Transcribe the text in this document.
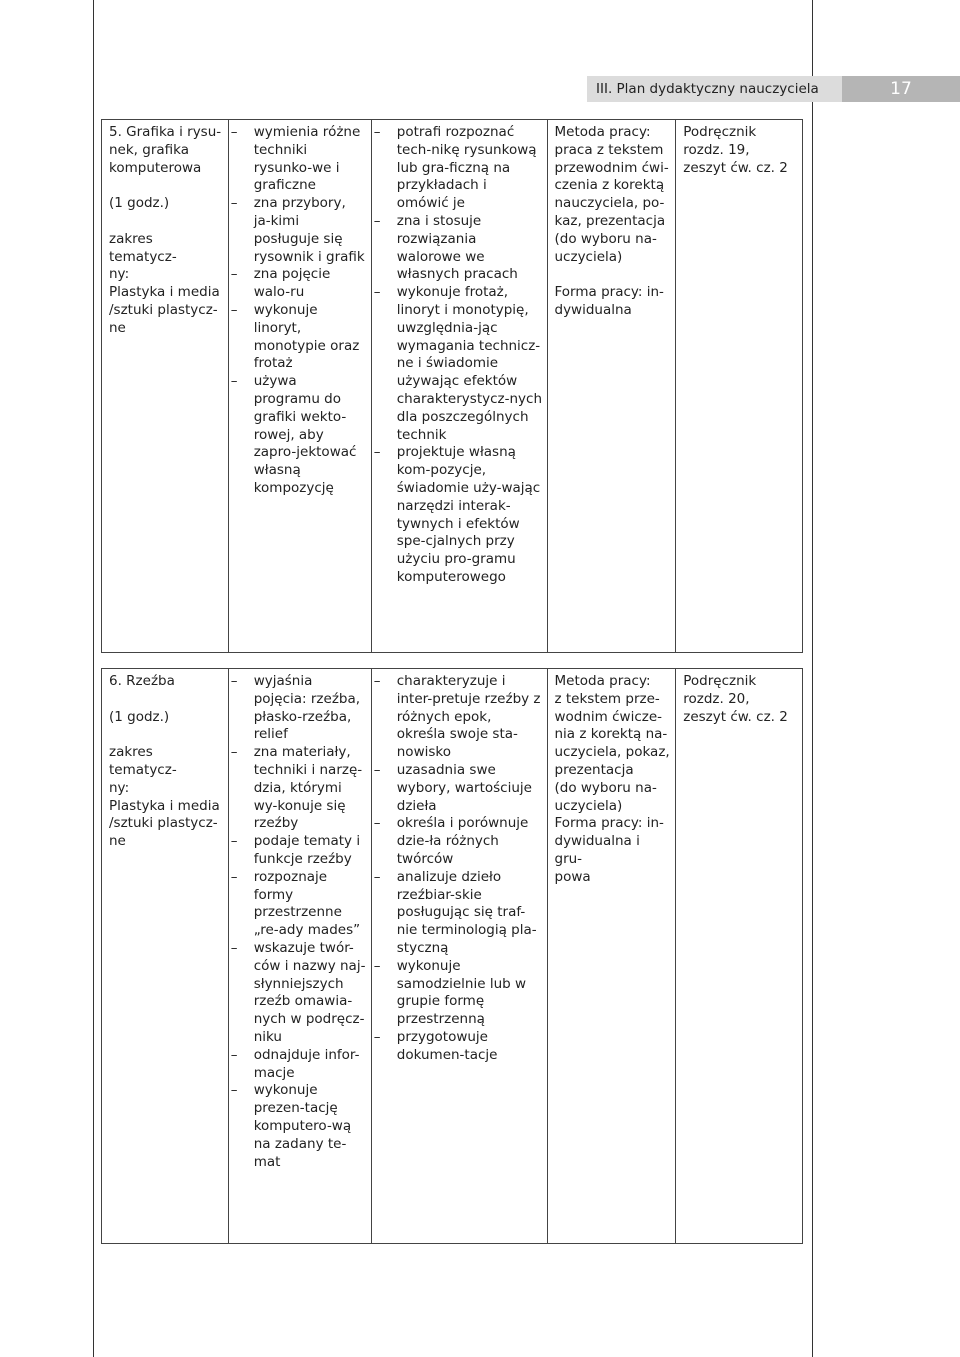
III. Plan dydaktyczny nauczyciela	17
5. Grafika i rysu-
nek, grafika
komputerowa
(1 godz.)
zakres tematycz-
ny:
Plastyka i media
/sztuki plastycz-
ne

– wymienia różne techniki rysunko-we i graficzne
– zna przybory, ja-kimi posługuje się rysownik i grafik
– zna pojęcie walo-ru
– wykonuje linoryt, monotypie oraz frotaż
– używa programu do grafiki wekto-rowej, aby zapro-jektować własną kompozycję

– potrafi rozpoznać tech-nikę rysunkową lub gra-ficzną na przykładach i omówić je
– zna i stosuje rozwiązania walorowe we własnych pracach
– wykonuje frotaż, linoryt i monotypię, uwzględnia-jąc wymagania technicz-ne i świadomie używając efektów charakterystycz-nych dla poszczególnych technik
– projektuje własną kom-pozycje, świadomie uży-wając narzędzi interak-tywnych i efektów spe-cjalnych przy użyciu pro-gramu komputerowego

Metoda pracy:
praca z tekstem
przewodnim ćwi-
czenia z korektą
nauczyciela, po-
kaz, prezentacja
(do wyboru na-
uczyciela)
Forma pracy: in-
dywidualna

Podręcznik
rozdz. 19,
zeszyt ćw. cz. 2
6. Rzeźba
(1 godz.)
zakres tematycz-
ny:
Plastyka i media
/sztuki plastycz-
ne

– wyjaśnia pojęcia: rzeźba, płasko-rzeźba, relief
– zna materiały, techniki i narzę-dzia, którymi wy-konuje się rzeźby
– podaje tematy i funkcje rzeźby
– rozpoznaje formy przestrzenne „re-ady mades”
– wskazuje twór-ców i nazwy naj-słynniejszych rzeźb omawia-nych w podręcz-niku
– odnajduje infor-macje
– wykonuje prezen-tację komputero-wą na zadany te-mat

– charakteryzuje i inter-pretuje rzeźby z różnych epok, określa swoje sta-nowisko
– uzasadnia swe wybory, wartościuje dzieła
– określa i porównuje dzie-ła różnych twórców
– analizuje dzieło rzeźbiar-skie posługując się traf-nie terminologią pla-styczną
– wykonuje samodzielnie lub w grupie formę przestrzenną
– przygotowuje dokumen-tacje

Metoda pracy:
z tekstem prze-
wodnim ćwicze-
nia z korektą na-
uczyciela, pokaz,
prezentacja
(do wyboru na-
uczyciela)
Forma pracy: in-
dywidualna i gru-
powa

Podręcznik
rozdz. 20,
zeszyt ćw. cz. 2
